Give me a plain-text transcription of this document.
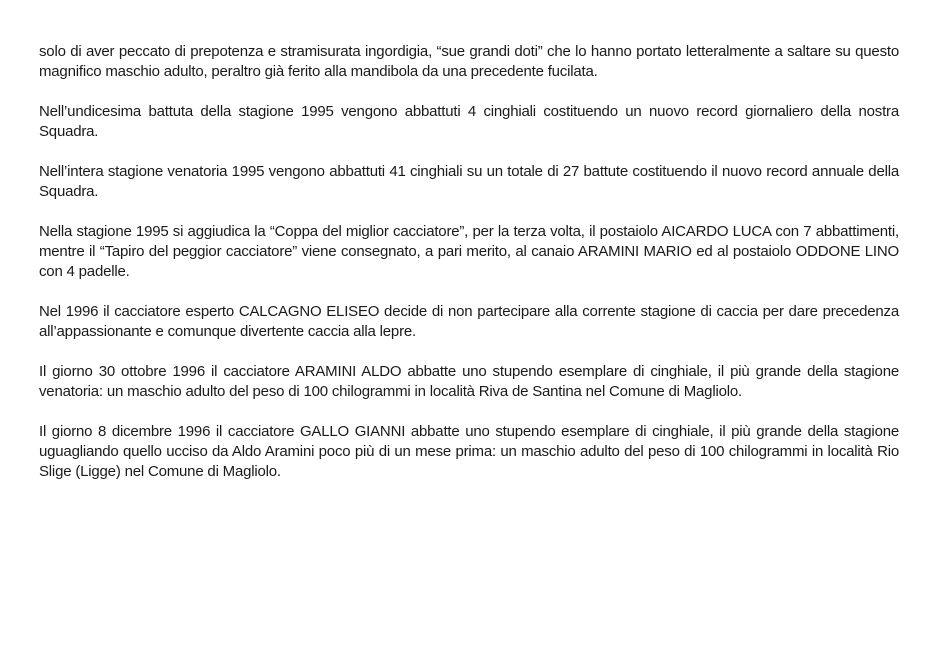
solo di aver peccato di prepotenza e stramisurata ingordigia, “sue grandi doti” che lo hanno portato letteralmente a saltare su questo magnifico maschio adulto, peraltro già ferito alla mandibola da una precedente fucilata.

Nell’undicesima battuta della stagione 1995 vengono abbattuti 4 cinghiali costituendo un nuovo record giornaliero della nostra Squadra.

Nell’intera stagione venatoria 1995 vengono abbattuti 41 cinghiali su un totale di 27 battute costituendo il nuovo record annuale della Squadra.

Nella stagione 1995 si aggiudica la “Coppa del miglior cacciatore”, per la terza volta, il postaiolo AICARDO LUCA con 7 abbattimenti, mentre il “Tapiro del peggior cacciatore” viene consegnato, a pari merito, al canaio ARAMINI MARIO ed al postaiolo ODDONE LINO con 4 padelle.

Nel 1996 il cacciatore esperto CALCAGNO ELISEO decide di non partecipare alla corrente stagione di caccia per dare precedenza all’appassionante e comunque divertente caccia alla lepre.

Il giorno 30 ottobre 1996 il cacciatore ARAMINI ALDO abbatte uno stupendo esemplare di cinghiale, il più grande della stagione venatoria: un maschio adulto del peso di 100 chilogrammi in località Riva de Santina nel Comune di Magliolo.

Il giorno 8 dicembre 1996 il cacciatore GALLO GIANNI abbatte uno stupendo esemplare di cinghiale, il più grande della stagione uguagliando quello ucciso da Aldo Aramini poco più di un mese prima: un maschio adulto del peso di 100 chilogrammi in località Rio Slige (Ligge) nel Comune di Magliolo.
